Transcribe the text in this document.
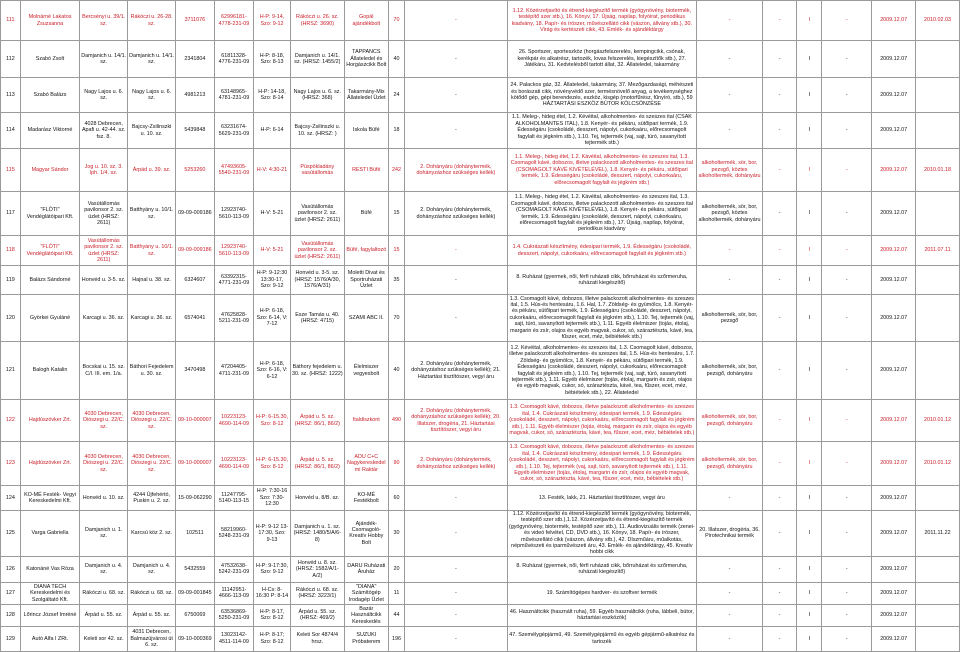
111	Molnárné Lakatos Zsuzsanna	Bercsényi u. 39/1. sz.	Rákóczi u. 26-28. sz.	3711076	62996181-4778-231-09	H-P: 9-14, Szo: 9-12	Rákóczi u. 26. sz. (HRSZ: 3690)	Gopál ajándékbolt	70	-	1.12. Közérzetjavító és étrend-kiegészítő termék (gyógynövény, biotermék, testépítő szer stb.), 16. Könyv, 17. Újság, napilap, folyóirat, periodikus kiadvány, 18. Papír- és írószer, művészellátó cikk (vászon, állvány stb.), 30. Virág és kertészeti cikk, 43. Emlék- és ajándéktárgy	-	-	I	-	2009.12.07	2010.02.03
112	Szabó Zsolt	Damjanich u. 14/1. sz.	Damjanich u. 14/1. sz.	2341804	61811328-4776-231-09	H-P: 8-18, Szo: 8-13	Damjanich u. 14/1. sz. (HRSZ: 1455/2)	TAPPANCS Állateledel és Horgászcikk Bolt	40	-	26. Sportszer, sporteszköz (horgászfelszerelés, kempingcikk, csónak, kerékpár és alkatrész, tartozék, lovas felszerelés, kiegészítők stb.), 27. Játékáru, 31. Kedvtelésből tartott állat, 32. Állateledel, takarmány	-	-	I	-	2009.12.07	
113	Szabó Balázs	Nagy Lajos u. 6. sz.	Nagy Lajos u. 6. sz.	4981213	63148965-4781-231-09	H-P: 14-18, Szo: 8-14	Nagy Lajos u. 6. sz. (HRSZ: 368)	Takarmány-Mix Állateledel Üzlet	24	-	24. Palackos gáz, 32. Állateledel, takarmány, 37. Mezőgazdasági, méhészeti és borászati cikk, növényvédő szer, termésnövelő anyag, a tevékenységhez kötődő gép, gépi berendezés, eszköz, kisgép (motorfűrész, fűnyíró, stb.), 59 HÁZTARTÁSI ESZKÖZ BÚTOR KÖLCSÖNZÉSE	-	-	I	-	2009.12.07	
114	Madarász Viktorné	4028 Debrecen, Apafi u. 42-44. sz. fsz. 8.	Bajcsy-Zsilinszki u. 10. sz.	5439848	63231674-5629-231-09	H-P: 6-14	Bajcsy-Zsilinszki u. 10. sz. (HRSZ: )	Iskola Büfé	18	-	1.1. Meleg-, hideg étel, 1.2. Kévéital, alkoholmentes- és szeszes ital (CSAK ALKOHOLMANTES ITAL), 1.8. Kenyér- és pékáru, sütőipari termék, 1.9. Édességáru (csokoládé, desszert, nápolyi, cukorkaáru, előrecsomagolt fagylalt és jégkrém stb.), 1.10. Tej, tejtermék (vaj, sajt, túró, savanyított tejtermék stb.)	-	-	I	-	2009.12.07	
115	Magyar Sándor	Jog u. 10. sz. 3. lph. 1/4. sz.	Árpád u. 39. sz.	5253260	47493605-5540-231-09	H-V: 4:30-21	Püspökladány vasútállomás	RESTI Büfé	242	2. Dohányáru (dohánytermék, dohányzáshoz szükséges kellék)	1.1. Meleg-, hideg étel, 1.2. Kávéital, alkoholmentes- és szeszes ital, 1.3. Csomagolt kávé, dobozos, illetve palackozott alkoholmentes- és szeszes ital (CSOMAGOLT KÁVÉ KIVÉTELÉVEL), 1.8. Kenyér- és pékáru, sütőipari termék, 1.9. Édességáru (csokoládé, desszert, nápolyi, cukorkaáru, előrecsomagolt fagylalt és jégkrém stb.)	alkoholtermék, sör, bor, pezsgő, köztes alkoholtermék, dohányáru	-	I	-	2009.12.07	2010.01.18
117	"FLÓTI" Vendéglátóipari Kft.	Vasútállomás pavilonsor 2. sz. üzlet (HRSZ: 2611)	Batthyány u. 10/1. sz.	09-09-009186	12923740-5610-113-09	H-V: 5-21	Vasútállomás pavilonsor 2. sz. üzlet (HRSZ: 2611)	Büfé	15	2. Dohányáru (dohánytermék, dohányzáshoz szükséges kellék)	1.1. Meleg-, hideg étel, 1.2. Kávéital, alkoholmentes- és szeszes ital, 1.3. Csomagolt kávé, dobozos, illetve palackozott alkoholmentes- és szeszes ital (CSOMAGOLT KÁVÉ KIVÉTELÉVEL), 1.8. Kenyér- és pékáru, sütőipari termék, 1.9. Édességáru (csokoládé, desszert, nápolyi, cukorkaáru, előrecsomagolt fagylalt és jégkrém stb.), 17. Újság, napilap, folyóirat, periodikus kiadvány	alkoholtermék, sör, bor, pezsgő, köztes alkoholtermék, dohányáru	-	I	-	2009.12.07	
118	"FLÓTI" Vendéglátóipari Kft.	Vasútállomás pavilonsor 2. sz. üzlet (HRSZ: 2611)	Batthyány u. 10/1. sz.	09-09-009186	12923740-5610-113-09	H-V: 5-21	Vasútállomás pavilonsor 2. sz. üzlet (HRSZ: 2611)	Büfé, fagylaltozó	15	-	1.4. Cukrászati készítmény, édesipari termék, 1.9. Édességáru (csokoládé, desszert, nápolyi, cukorkaáru, előrecsomagolt fagylalt és jégkrém stb.)	-	-	I	-	2009.12.07	2011.07.11
119	Balázs Sándorné	Honvéd u. 3-5. sz.	Hajnal u. 38. sz.	6324607	63392315-4771-231-09	H-P: 9-12:30 13:30-17, Szo: 9-12	Honvéd u. 3-5. sz. (HRSZ: 1576/A/30, 1576/A/31)	Moletti Divat és Sportruházati Üzlet	35	-	8. Ruházat (gyermek, női, férfi ruházati cikk, bőrruházat és szőrmeruha, ruházati kiegészítő)	-	-	I	-	2009.12.07	
120	Györkei Gyuláné	Karcagi u. 36. sz.	Karcagi u. 36. sz.	6574041	47625828-5211-231-09	H-P: 6-18, Szo: 6-14, V: 7-12	Esze Tamás u. 40. (HRSZ: 4715)	SZAMI ABC II.	70	-	1.3. Csomagolt kávé, dobozos, illetve palackozott alkoholmentes- és szeszes ital, 1.5. Hús-és hentesáru, 1.6. Hal, 1.7. Zöldség- és gyümölcs, 1.8. Kenyér- és pékáru, sütőipari termék, 1.9. Édességáru (csokoládé, desszert, nápolyi, cukorkaáru, előrecsomagolt fagylalt és jégkrém stb.), 1.10. Tej, tejtermék (vaj, sajt, túró, savanyított tejtermék stb.), 1.11. Egyéb élelmiszer (tojás, étolaj, margarin és zsír, olajos és egyéb magvak, cukor, só, száraztészta, kávé, tea, fűszer, ecet, méz, bébiételek stb.)	alkoholtermék, sör, bor, pezsgő	-	I	-	2009.12.07	
121	Balogh Katalin	Bocskai u. 15. sz. C/I. III. em. 1/a.	Báthori Fejedelem u. 30. sz.	3470498	47204405-4711-231-09	H-P: 6-18, Szo: 6-16, V: 6-12	Báthory fejedelem u. 30. sz. (HRSZ: 1222)	Élelmiszer vegyesbolt	40	2. Dohányáru (dohánytermék, dohányzáshoz szükséges kellék); 21. Háztartási tisztítószer, vegyi áru	1.2. Kévéital, alkoholmentes- és szeszes ital, 1.3. Csomagolt kávé, dobozos, illetve palackozott alkoholmentes- és szeszes ital, 1.5. Hús-és hentesáru, 1.7. Zöldség- és gyümölcs, 1.8. Kenyér- és pékáru, sütőipari termék, 1.9. Édességáru (csokoládé, desszert, nápolyi, cukorkaáru, előrecsomagolt fagylalt és jégkrém stb.), 1.10. Tej, tejtermék (vaj, sajt, túró, savanyított tejtermék stb.), 1.11. Egyéb élelmiszer (tojás, étolaj, margarin és zsír, olajos és egyéb magvak, cukor, só, száraztészta, kávé, tea, fűszer, ecet, méz, bébiételek stb.), 22. Állateledel	alkoholtermék, sör, bor, pezsgő, dohányáru	-	I	-	2009.12.07	
122	Hajdúszövker Zrt.	4030 Debrecen, Diószegi u. 22/C. sz.	4030 Debrecen, Diószegi u. 22/C. sz.	09-10-000007	10223123-4690-114-09	H-P: 6-15.30, Szo: 8-12	Árpád u. 5. sz. (HRSZ: 86/1, 86/2)	Italdiszkont	490	2. Dohányáru (dohánytermék, dohányzáshoz szükséges kellék); 20. Illatszer, drogéria, 21. Háztartási tisztítószer, vegyi áru	1.3. Csomagolt kávé, dobozos, illetve palackozott alkoholmentes- és szeszes ital, 1.4. Cukrászati készítmény, édesipari termék, 1.9. Édességáru (csokoládé, desszert, nápolyi, cukorkaáru, előrecsomagolt fagylalt és jégkrém stb.), 1.11. Egyéb élelmiszer (tojás, étolaj, margarin és zsír, olajos és egyéb magvak, cukor, só, száraztészta, kávé, tea, fűszer, ecet, méz, bébiételek stb.)	alkoholtermék, sör, bor, pezsgő, dohányáru	-	I	-	2009.12.07	2010.01.12
123	Hajdúszövker Zrt.	4030 Debrecen, Diószegi u. 22/C. sz.	4030 Debrecen, Diószegi u. 22/C. sz.	09-10-000007	10223123-4690-114-09	H-P: 6-15.30, Szo: 8-12	Árpád u. 5. sz. (HRSZ: 86/1, 86/2)	ADU C+C Nagykereskedelmi Raktár	90	2. Dohányáru (dohánytermék, dohányzáshoz szükséges kellék)	1.3. Csomagolt kávé, dobozos, illetve palackozott alkoholmentes- és szeszes ital, 1.4. Cukrászati készítmény, édesipari termék, 1.9. Édességáru (csokoládé, desszert, nápolyi, cukorkaáru, előrecsomagolt fagylalt és jégkrém stb.), 1.10. Tej, tejtermék (vaj, sajt, túró, savanyított tejtermék stb.), 1.11. Egyéb élelmiszer (tojás, étolaj, margarin és zsír, olajos és egyéb magvak, cukor, só, száraztészta, kávé, tea, fűszer, ecet, méz, bébiételek stb.)	alkoholtermék, sör, bor, pezsgő, dohányáru	-	I	-	2009.12.07	2010.01.12
124	KO-MÉ Festék- Vegyi Kereskedelmi Kft.	Honvéd u. 10. sz.	4244 Újfehértó, Puskin u. 2. sz.	15-09-062290	11247795-5140-113-15	H-P: 7:30-16 Szo: 7:30-12:30	Honvéd u. 8/B. sz.	KO-MÉ Festékbolt	60	-	13. Festék, lakk, 21. Háztartási tisztítószer, vegyi áru	-	-	I	-	2009.12.07	
125	Varga Gabriella	Damjanich u. 1. sz.	Karcsú köz 2. sz.	102511	58219960-5248-231-09	H-P: 9-12 13-17:30, Szo: 9-13	Damjanich u. 1. sz. (HRSZ: 1480/5/A/6-8)	Ajándék-Csomagoló-Kreatív Hobby Bolt	30	-	1.12. Közérzetjavító és étrend-kiegészítő termék (gyógynövény, biotermék, testépítő szer stb.),1.12. Közérzetjavító és étrend-kiegészítő termék (gyógynövény, biotermék, testépítő szer stb.), 11. Audiovizuális termék (zenei- és videó felvétel, CD, DVD stb.), 16. Könyv, 18. Papír- és írószer, művészellátó cikk (vászon, állvány stb.), 42. Díszműáru, műalkotás, népművészeti és iparművészeti áru, 43. Emlék- és ajándéktárgy, 45. Kreatív hobbi cikk	20. Illatszer, drogéria, 36. Pirotechnikai termék	-	I	-	2009.12.07	2011.11.22
126	Katonáné Vas Róza	Damjanich u. 4. sz.	Damjanich u. 4. sz.	5432559	47532638-5242-231-09	H-P: 9-17:30, Szo: 9-12	Honvéd u. 8. sz. (HRSZ: 1582/A/1-A/2)	DARU Ruházati Áruház	20	-	8. Ruházat (gyermek, női, férfi ruházati cikk, bőrruházat és szőrmeruha, ruházati kiegészítő)	-	-	I	-	2009.12.07	
127	DIANA TECH Kereskedelmi és Szolgáltató Kft.	Rákóczi u. 68. sz.	Rákóczi u. 68. sz.	09-09-001845	11142951-4666-113-09	H-Cs: 8-16:30 P: 8-14	Rákóczi u. 68. sz. (HRSZ: 3223/1)	"DIANA" Számítógép Irodagép Üzlet	11	-	19. Számítógépes hardver- és szoftver termék	-	-	I	-	2009.12.07	
128	Lőrincz József Imréné	Árpád u. 55. sz.	Árpád u. 55. sz.	6750069	63536869-5250-231-09	H-P: 8-17, Szo: 8-12	Árpád u. 55. sz. (HRSZ: 469/2)	Bazár Használtcikk Kereskedés	44	-	46. Használtcikk (használt ruha), 59. Egyéb használtcikk (ruha, lábbeli, bútor, háztartási eszközök)	-	-	I	-	2009.12.07	
129	Autó Alfa I ZRt.	Keleti sor 42. sz.	4031 Debrecen, Balmazújvárosi út 6. sz.	09-10-000369	13023142-4511-114-09	H-P: 8-17; Szo: 8-12	Keleti Sor 4874/4 hrsz.	SUZUKI Próbaterem	196	-	47. Személygépjármű, 49. Személygépjármű és egyéb gépjármű-alkatrész és tartozék	-	-	I	-	2009.12.07	
